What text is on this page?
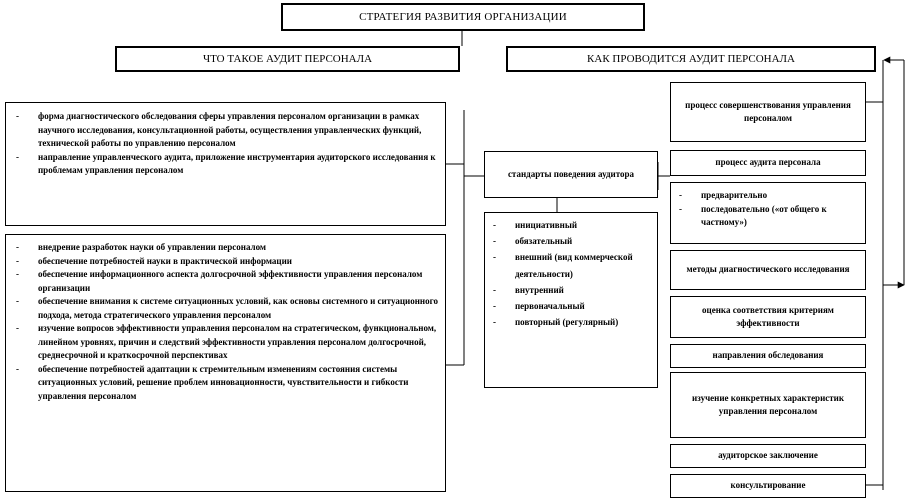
СТРАТЕГИЯ РАЗВИТИЯ ОРГАНИЗАЦИИ
ЧТО ТАКОЕ АУДИТ ПЕРСОНАЛА	КАК ПРОВОДИТСЯ АУДИТ ПЕРСОНАЛА
- форма диагностического обследования сферы управления персоналом организации в рамках научного исследования, консультационной работы, осуществления управленческих функций, технической работы по управлению персоналом
- направление управленческого аудита, приложение инструментария аудиторского исследования к проблемам управления персоналом
- внедрение разработок науки об управлении персоналом
- обеспечение потребностей науки в практической информации
- обеспечение информационного аспекта долгосрочной эффективности управления персоналом организации
- обеспечение внимания к системе ситуационных условий, как основы системного и ситуационного подхода, метода стратегического управления персоналом
- изучение вопросов эффективности управления персоналом на стратегическом, функциональном, линейном уровнях, причин и следствий эффективности управления персоналом долгосрочной, среднесрочной и краткосрочной перспективах
- обеспечение потребностей адаптации к стремительным изменениям состояния системы ситуационных условий, решение проблем инновационности, чувствительности и гибкости управления персоналом
стандарты поведения аудитора
- инициативный
- обязательный
- внешний (вид коммерческой деятельности)
- внутренний
- первоначальный
- повторный (регулярный)
процесс совершенствования управления персоналом
процесс аудита персонала
- предварительно
- последовательно («от общего к частному»)
методы диагностического исследования
оценка соответствия критериям эффективности
направления обследования
изучение конкретных характеристик управления персоналом
аудиторское заключение
консультирование
